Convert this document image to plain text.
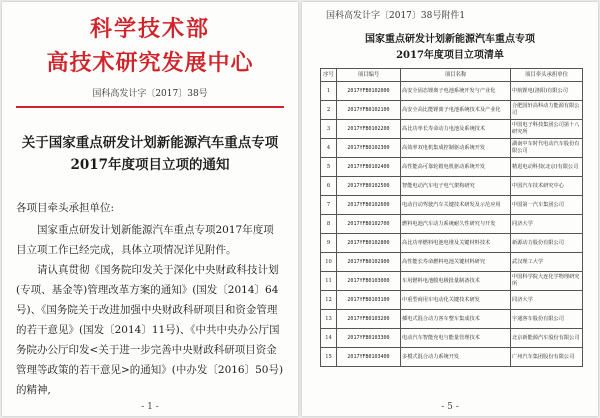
科学技术部
高技术研究发展中心
国科高发计字〔2017〕38号
关于国家重点研发计划新能源汽车重点专项
2017年度项目立项的通知
各项目牵头承担单位:
国家重点研发计划新能源汽车重点专项2017年度项目立项工作已经完成，具体立项情况详见附件。
请认真贯彻《国务院印发关于深化中央财政科技计划(专项、基金等)管理改革方案的通知》(国发〔2014〕64号)、《国务院关于改进加强中央财政科研项目和资金管理的若干意见》(国发〔2014〕11号)、《中共中央办公厅国务院办公厅印发<关于进一步完善中央财政科研项目资金管理等政策的若干意见>的通知》(中办发〔2016〕50号)的精神,
- 1 -
国科高发计字〔2017〕38号附件1
国家重点研发计划新能源汽车重点专项
2017年度项目立项清单
序号	项目编号	项目名称	项目牵头承担单位
1	2017YFB0102000	高安全固态锂离子电池系统开发与产业化	中航锂电(洛阳)有限公司
2	2017YFB0102100	高安全高比能锂离子电池系统技术及产业化	合肥国轩高科动力能源有限公司
3	2017YFB0102200	高比功率长寿命动力电池及系统技术	中国电子科技集团公司第十八研究所
4	2017YFB0102300	高效率双电机集成控制驱动系统开发	湖南中车时代电动汽车股份有限公司
5	2017YFB0102400	高性能高可靠轮毂电机驱动系统开发	精进电动科技(北京)有限公司
6	2017YFB0102500	智能电动汽车电子电气架构研究	中国汽车技术研究中心
7	2017YFB0102600	电动自动驾驶汽车关键技术研发及示范应用	中国第一汽车集团公司
8	2017YFB0102700	燃料电池汽车动力系统耐久性研究与开发	同济大学
9	2017YFB0102800	高比功率燃料电池电堆及关键材料技术	新源动力股份有限公司
10	2017YFB0102900	高性能长寿命燃料电池关键材料研究	武汉理工大学
11	2017YFB0103000	车用燃料电池膜电极批量制备技术	中国科学院大连化学物理研究所
12	2017YFB0103100	中重型商用车电动化关键技术研发	同济大学
13	2017YFB0103200	插电式混合动力客车整车集成技术	宇通客车股份有限公司
14	2017YFB0103300	电动汽车智能充电与能量管理技术	北京新能源汽车股份有限公司
15	2017YFB0103400	多模式混合动力系统开发	广州汽车集团股份有限公司
- 5 -
